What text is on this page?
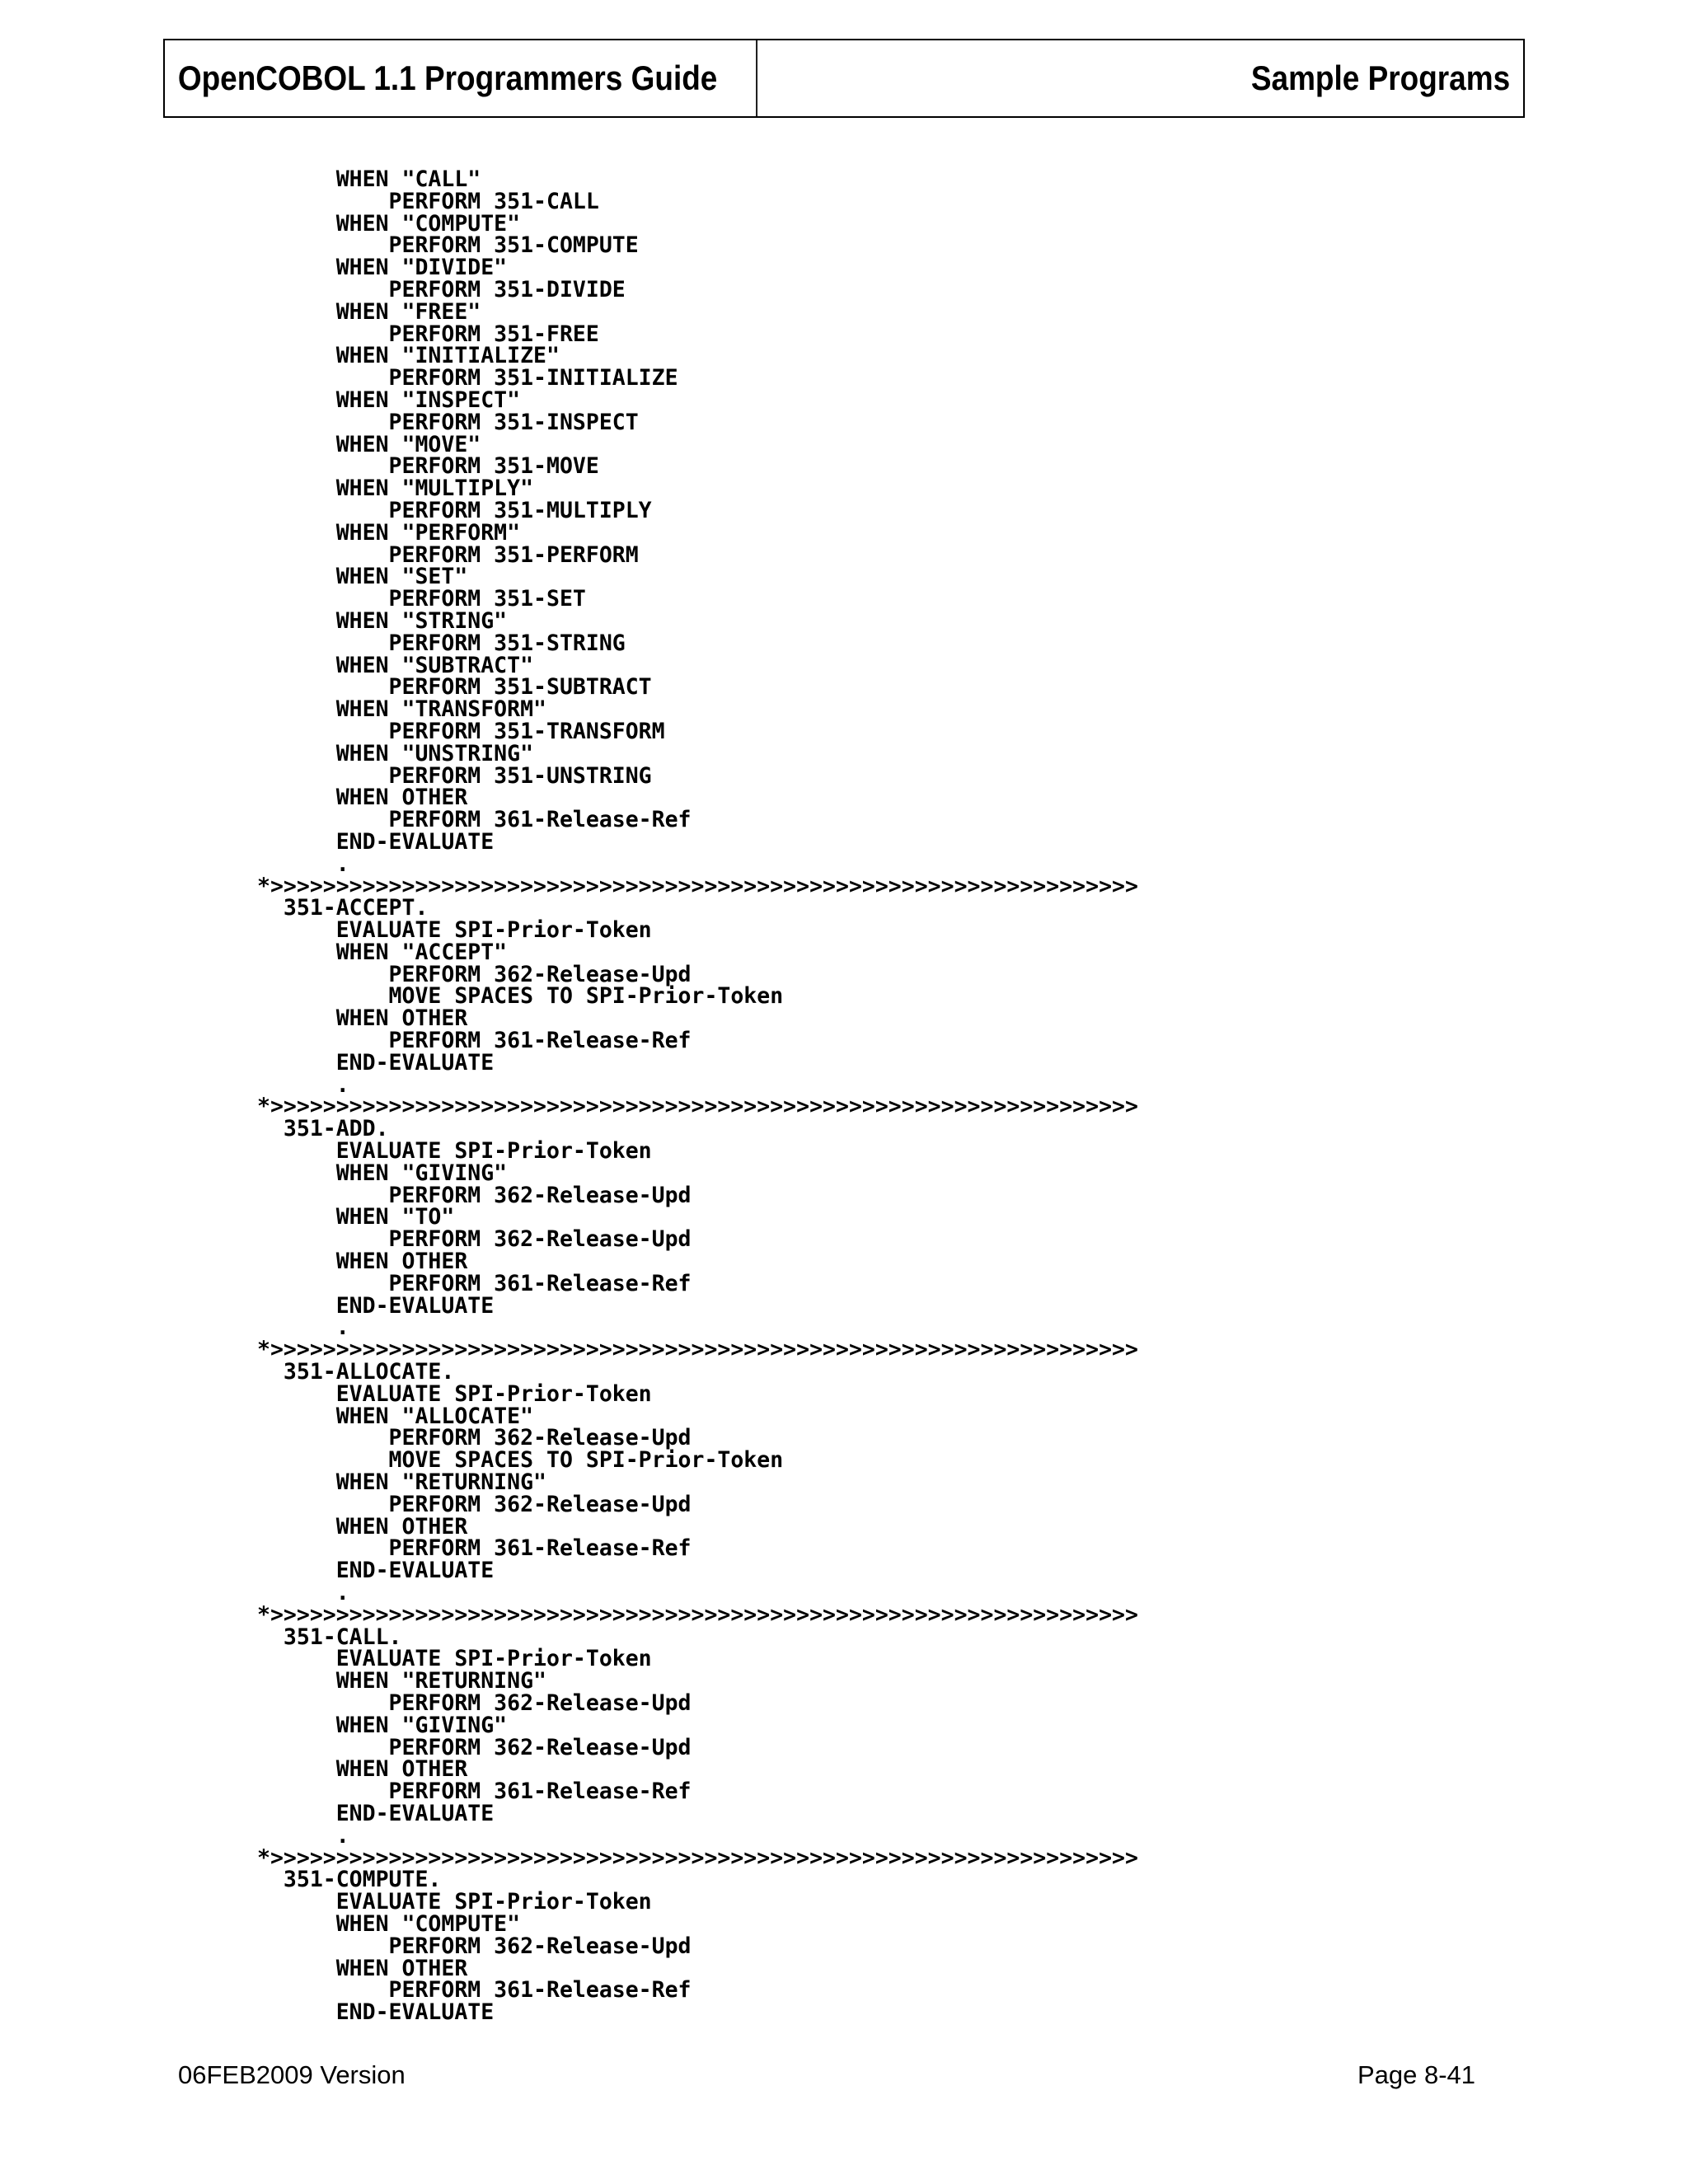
OpenCOBOL 1.1 Programmers Guide	Sample Programs
WHEN "CALL"
PERFORM 351-CALL
WHEN "COMPUTE"
PERFORM 351-COMPUTE
WHEN "DIVIDE"
PERFORM 351-DIVIDE
WHEN "FREE"
PERFORM 351-FREE
WHEN "INITIALIZE"
PERFORM 351-INITIALIZE
WHEN "INSPECT"
PERFORM 351-INSPECT
WHEN "MOVE"
PERFORM 351-MOVE
WHEN "MULTIPLY"
PERFORM 351-MULTIPLY
WHEN "PERFORM"
PERFORM 351-PERFORM
WHEN "SET"
PERFORM 351-SET
WHEN "STRING"
PERFORM 351-STRING
WHEN "SUBTRACT"
PERFORM 351-SUBTRACT
WHEN "TRANSFORM"
PERFORM 351-TRANSFORM
WHEN "UNSTRING"
PERFORM 351-UNSTRING
WHEN OTHER
PERFORM 361-Release-Ref
END-EVALUATE
.
*>>>>>>>>>>>>>>>>>>>>>>>>>>>>>>>>>>>>>>>>>>>>>>>>>>>>>>>>>>>>>>>>>>
351-ACCEPT.
EVALUATE SPI-Prior-Token
WHEN "ACCEPT"
PERFORM 362-Release-Upd
MOVE SPACES TO SPI-Prior-Token
WHEN OTHER
PERFORM 361-Release-Ref
END-EVALUATE
.
*>>>>>>>>>>>>>>>>>>>>>>>>>>>>>>>>>>>>>>>>>>>>>>>>>>>>>>>>>>>>>>>>>>
351-ADD.
EVALUATE SPI-Prior-Token
WHEN "GIVING"
PERFORM 362-Release-Upd
WHEN "TO"
PERFORM 362-Release-Upd
WHEN OTHER
PERFORM 361-Release-Ref
END-EVALUATE
.
*>>>>>>>>>>>>>>>>>>>>>>>>>>>>>>>>>>>>>>>>>>>>>>>>>>>>>>>>>>>>>>>>>>
351-ALLOCATE.
EVALUATE SPI-Prior-Token
WHEN "ALLOCATE"
PERFORM 362-Release-Upd
MOVE SPACES TO SPI-Prior-Token
WHEN "RETURNING"
PERFORM 362-Release-Upd
WHEN OTHER
PERFORM 361-Release-Ref
END-EVALUATE
.
*>>>>>>>>>>>>>>>>>>>>>>>>>>>>>>>>>>>>>>>>>>>>>>>>>>>>>>>>>>>>>>>>>>
351-CALL.
EVALUATE SPI-Prior-Token
WHEN "RETURNING"
PERFORM 362-Release-Upd
WHEN "GIVING"
PERFORM 362-Release-Upd
WHEN OTHER
PERFORM 361-Release-Ref
END-EVALUATE
.
*>>>>>>>>>>>>>>>>>>>>>>>>>>>>>>>>>>>>>>>>>>>>>>>>>>>>>>>>>>>>>>>>>>
351-COMPUTE.
EVALUATE SPI-Prior-Token
WHEN "COMPUTE"
PERFORM 362-Release-Upd
WHEN OTHER
PERFORM 361-Release-Ref
END-EVALUATE
06FEB2009 Version	Page 8-41
